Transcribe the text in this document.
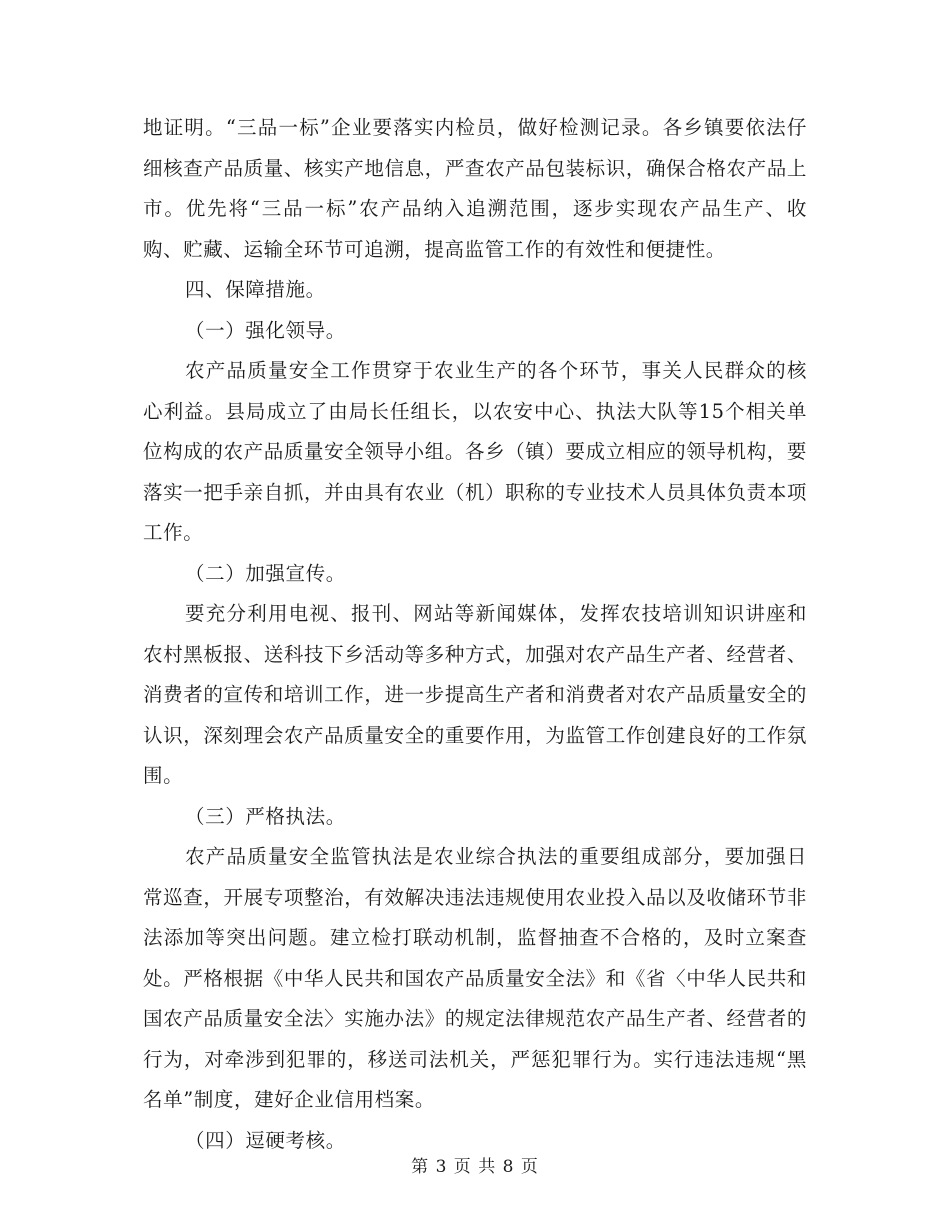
地证明。“三品一标”企业要落实内检员，做好检测记录。各乡镇要依法仔细核查产品质量、核实产地信息，严查农产品包装标识，确保合格农产品上市。优先将“三品一标”农产品纳入追溯范围，逐步实现农产品生产、收购、贮藏、运输全环节可追溯，提高监管工作的有效性和便捷性。

四、保障措施。

（一）强化领导。

农产品质量安全工作贯穿于农业生产的各个环节，事关人民群众的核心利益。县局成立了由局长任组长，以农安中心、执法大队等15个相关单位构成的农产品质量安全领导小组。各乡（镇）要成立相应的领导机构，要落实一把手亲自抓，并由具有农业（机）职称的专业技术人员具体负责本项工作。

（二）加强宣传。

要充分利用电视、报刊、网站等新闻媒体，发挥农技培训知识讲座和农村黑板报、送科技下乡活动等多种方式，加强对农产品生产者、经营者、消费者的宣传和培训工作，进一步提高生产者和消费者对农产品质量安全的认识，深刻理会农产品质量安全的重要作用，为监管工作创建良好的工作氛围。

（三）严格执法。

农产品质量安全监管执法是农业综合执法的重要组成部分，要加强日常巡查，开展专项整治，有效解决违法违规使用农业投入品以及收储环节非法添加等突出问题。建立检打联动机制，监督抽查不合格的，及时立案查处。严格根据《中华人民共和国农产品质量安全法》和《省〈中华人民共和国农产品质量安全法〉实施办法》的规定法律规范农产品生产者、经营者的行为，对牵涉到犯罪的，移送司法机关，严惩犯罪行为。实行违法违规“黑名单”制度，建好企业信用档案。

（四）逗硬考核。

第 3 页 共 8 页
